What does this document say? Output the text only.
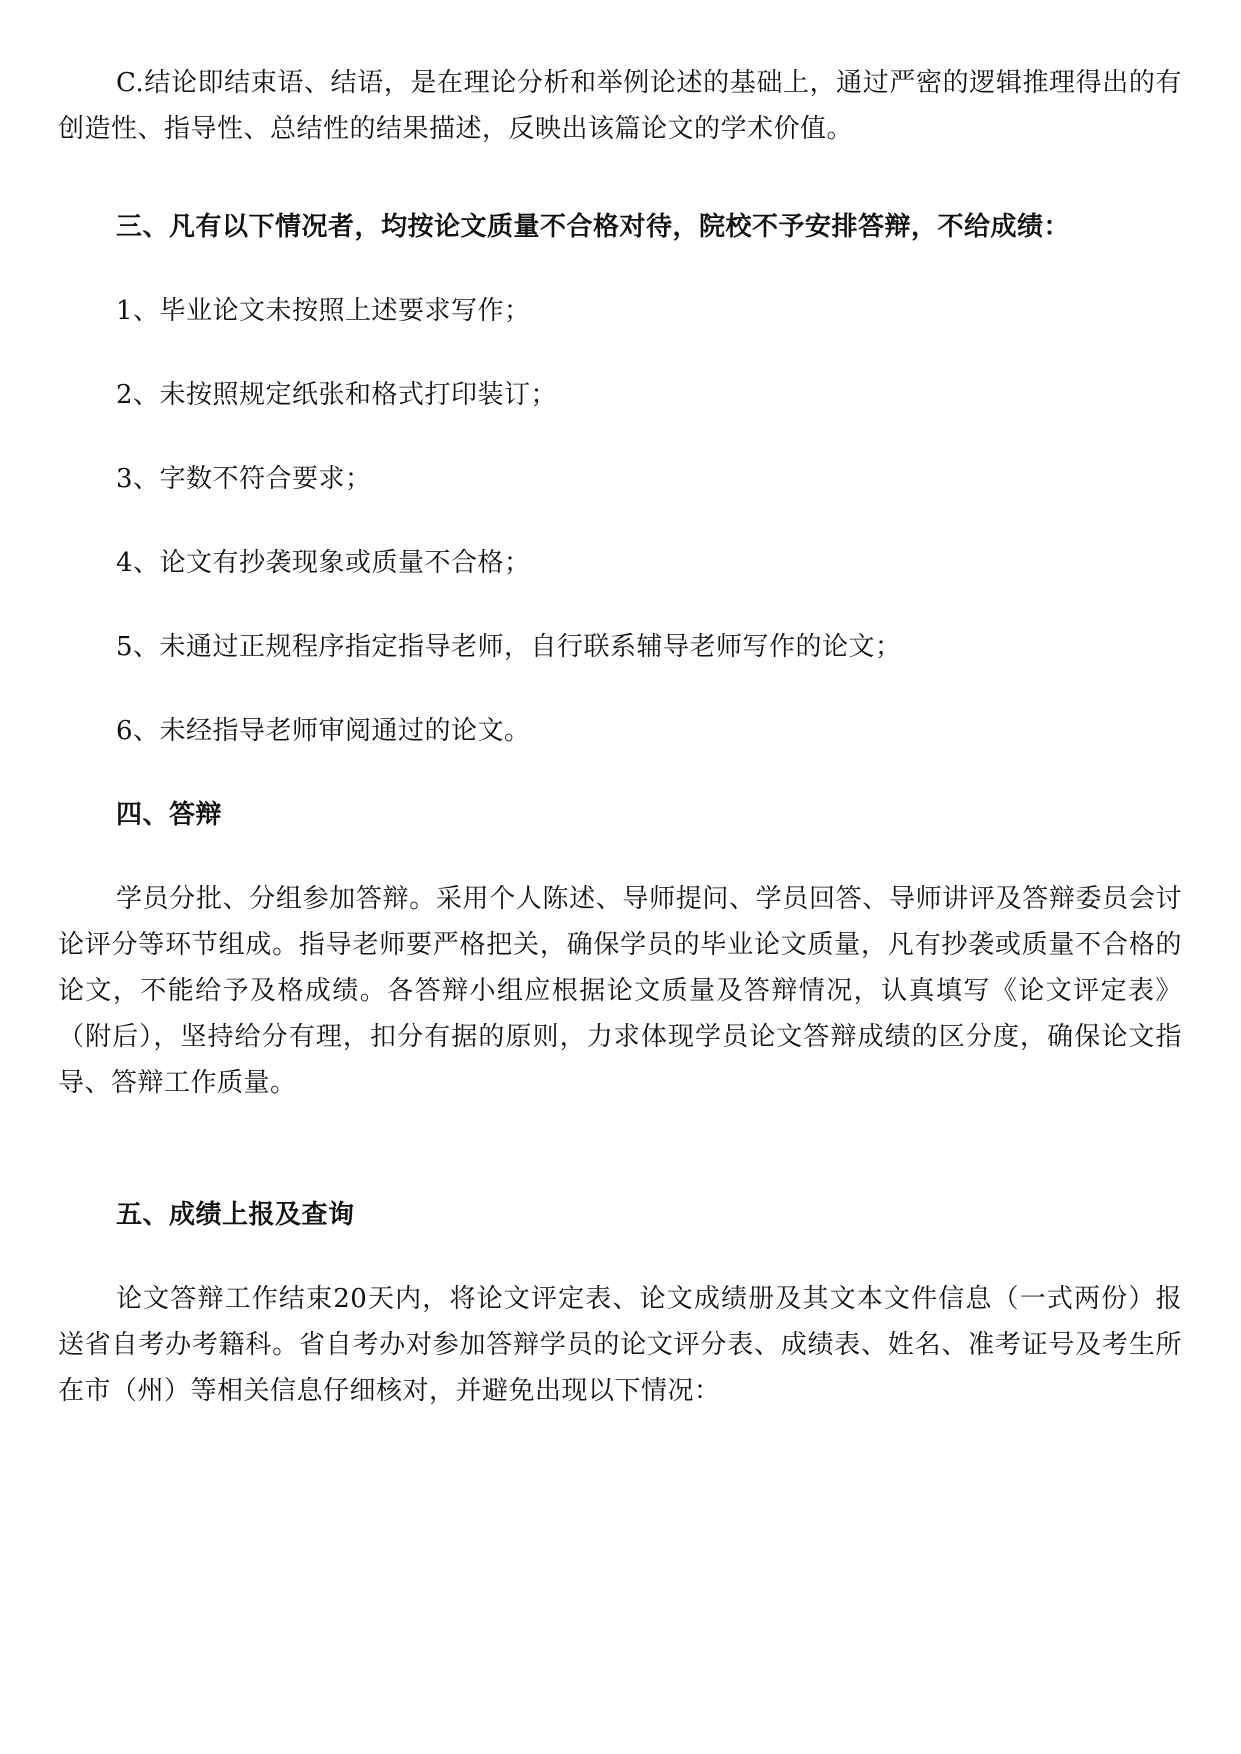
C.结论即结束语、结语，是在理论分析和举例论述的基础上，通过严密的逻辑推理得出的有创造性、指导性、总结性的结果描述，反映出该篇论文的学术价值。

三、凡有以下情况者，均按论文质量不合格对待，院校不予安排答辩，不给成绩：

1、毕业论文未按照上述要求写作；

2、未按照规定纸张和格式打印装订；

3、字数不符合要求；

4、论文有抄袭现象或质量不合格；

5、未通过正规程序指定指导老师，自行联系辅导老师写作的论文；

6、未经指导老师审阅通过的论文。

四、答辩

学员分批、分组参加答辩。采用个人陈述、导师提问、学员回答、导师讲评及答辩委员会讨论评分等环节组成。指导老师要严格把关，确保学员的毕业论文质量，凡有抄袭或质量不合格的论文，不能给予及格成绩。各答辩小组应根据论文质量及答辩情况，认真填写《论文评定表》（附后），坚持给分有理，扣分有据的原则，力求体现学员论文答辩成绩的区分度，确保论文指导、答辩工作质量。

五、成绩上报及查询

论文答辩工作结束20天内，将论文评定表、论文成绩册及其文本文件信息（一式两份）报送省自考办考籍科。省自考办对参加答辩学员的论文评分表、成绩表、姓名、准考证号及考生所在市（州）等相关信息仔细核对，并避免出现以下情况：
